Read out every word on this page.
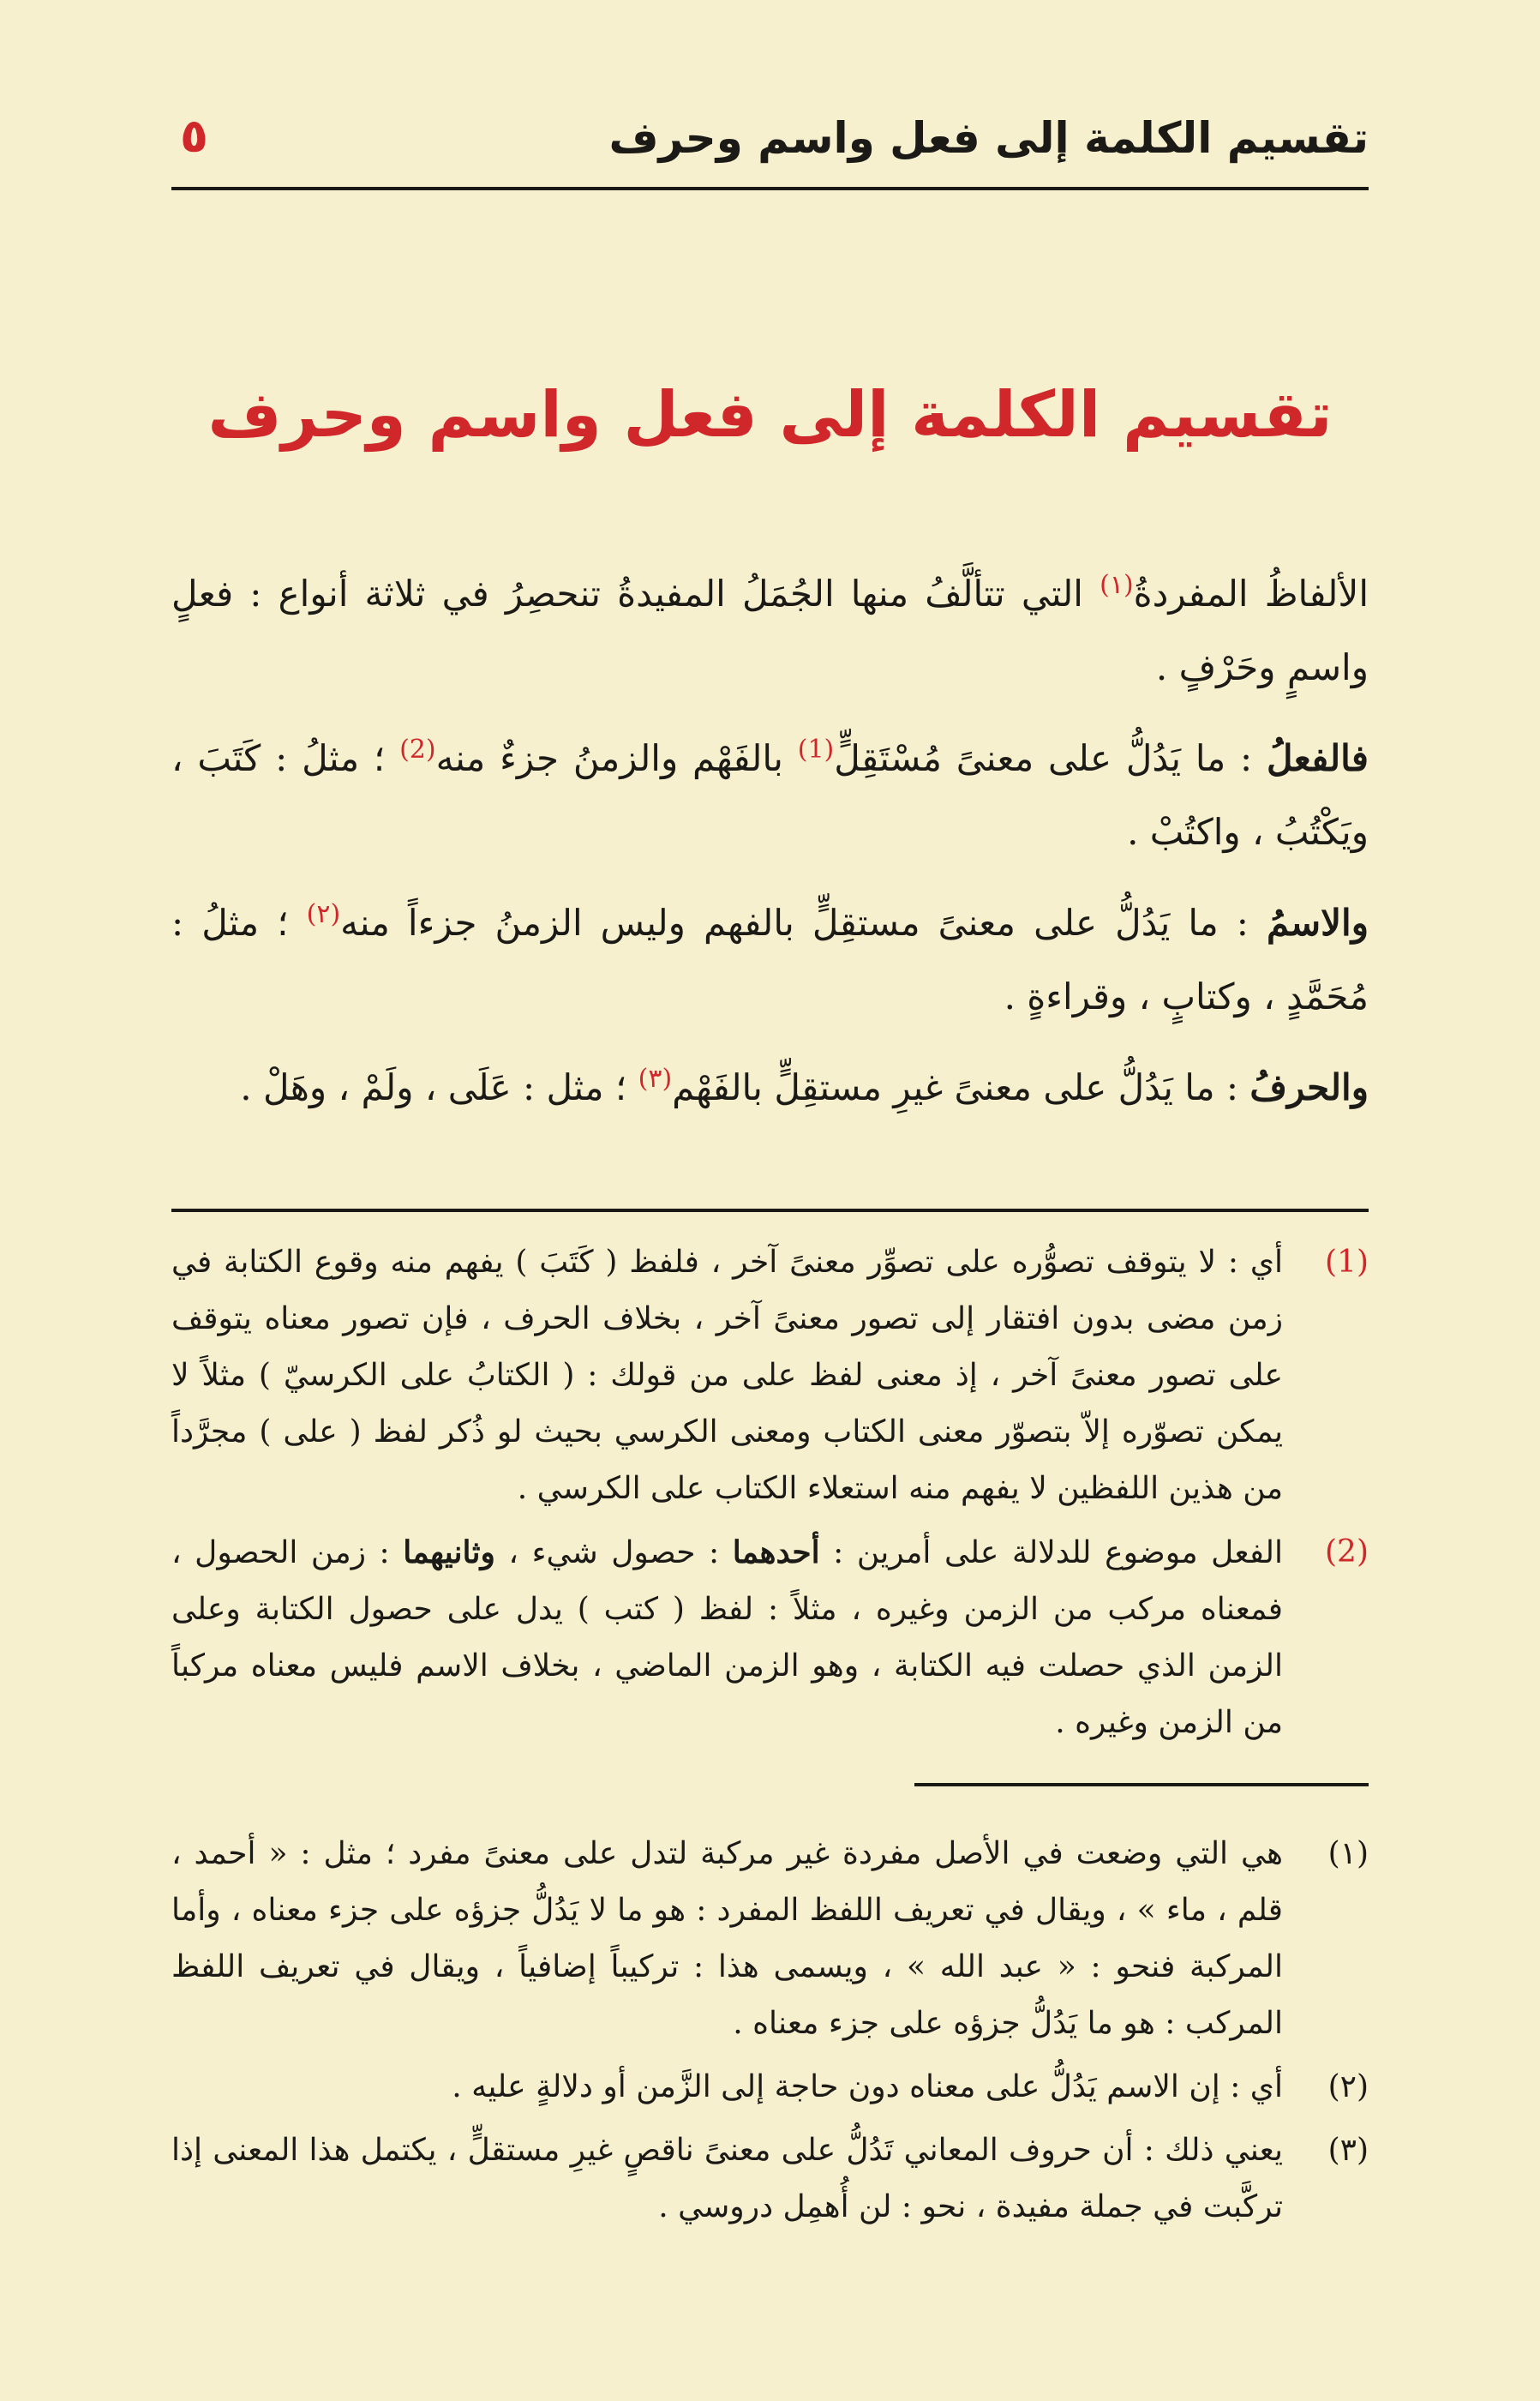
تقسيم الكلمة إلى فعل واسم وحرف
٥
تقسيم الكلمة إلى فعل واسم وحرف

الألفاظُ المفردةُ$^{(١)}$ التي تتألَّفُ منها الجُمَلُ المفيدةُ تنحصِرُ في ثلاثة أنواع : فعلٍ واسمٍ وحَرْفٍ .

فالفعلُ : ما يَدُلُّ على معنىً مُسْتَقِلٍّ$^{(1)}$ بالفَهْم والزمنُ جزءٌ منه$^{(2)}$ ؛ مثلُ : كَتَبَ ، ويَكْتُبُ ، واكتُبْ .

والاسمُ : ما يَدُلُّ على معنىً مستقِلٍّ بالفهم وليس الزمنُ جزءاً منه$^{(٢)}$ ؛ مثلُ : مُحَمَّدٍ ، وكتابٍ ، وقراءةٍ .

والحرفُ : ما يَدُلُّ على معنىً غيرِ مستقِلٍّ بالفَهْم$^{(٣)}$ ؛ مثل : عَلَى ، ولَمْ ، وهَلْ .

(1)
أي : لا يتوقف تصوُّره على تصوِّر معنىً آخر ، فلفظ ( كَتَبَ ) يفهم منه وقوع الكتابة في زمن مضى بدون افتقار إلى تصور معنىً آخر ، بخلاف الحرف ، فإن تصور معناه يتوقف على تصور معنىً آخر ، إذ معنى لفظ على من قولك : ( الكتابُ على الكرسيّ ) مثلاً لا يمكن تصوّره إلاّ بتصوّر معنى الكتاب ومعنى الكرسي بحيث لو ذُكر لفظ ( على ) مجرَّداً من هذين اللفظين لا يفهم منه استعلاء الكتاب على الكرسي .
(2)
الفعل موضوع للدلالة على أمرين : أحدهما : حصول شيء ، وثانيهما : زمن الحصول ، فمعناه مركب من الزمن وغيره ، مثلاً : لفظ ( كتب ) يدل على حصول الكتابة وعلى الزمن الذي حصلت فيه الكتابة ، وهو الزمن الماضي ، بخلاف الاسم فليس معناه مركباً من الزمن وغيره .
(١)
هي التي وضعت في الأصل مفردة غير مركبة لتدل على معنىً مفرد ؛ مثل : « أحمد ، قلم ، ماء » ، ويقال في تعريف اللفظ المفرد : هو ما لا يَدُلُّ جزؤه على جزء معناه ، وأما المركبة فنحو : « عبد الله » ، ويسمى هذا : تركيباً إضافياً ، ويقال في تعريف اللفظ المركب : هو ما يَدُلُّ جزؤه على جزء معناه .
(٢)
أي : إن الاسم يَدُلُّ على معناه دون حاجة إلى الزَّمن أو دلالةٍ عليه .
(٣)
يعني ذلك : أن حروف المعاني تَدُلُّ على معنىً ناقصٍ غيرِ مستقلٍّ ، يكتمل هذا المعنى إذا تركَّبت في جملة مفيدة ، نحو : لن أُهمِل دروسي .
